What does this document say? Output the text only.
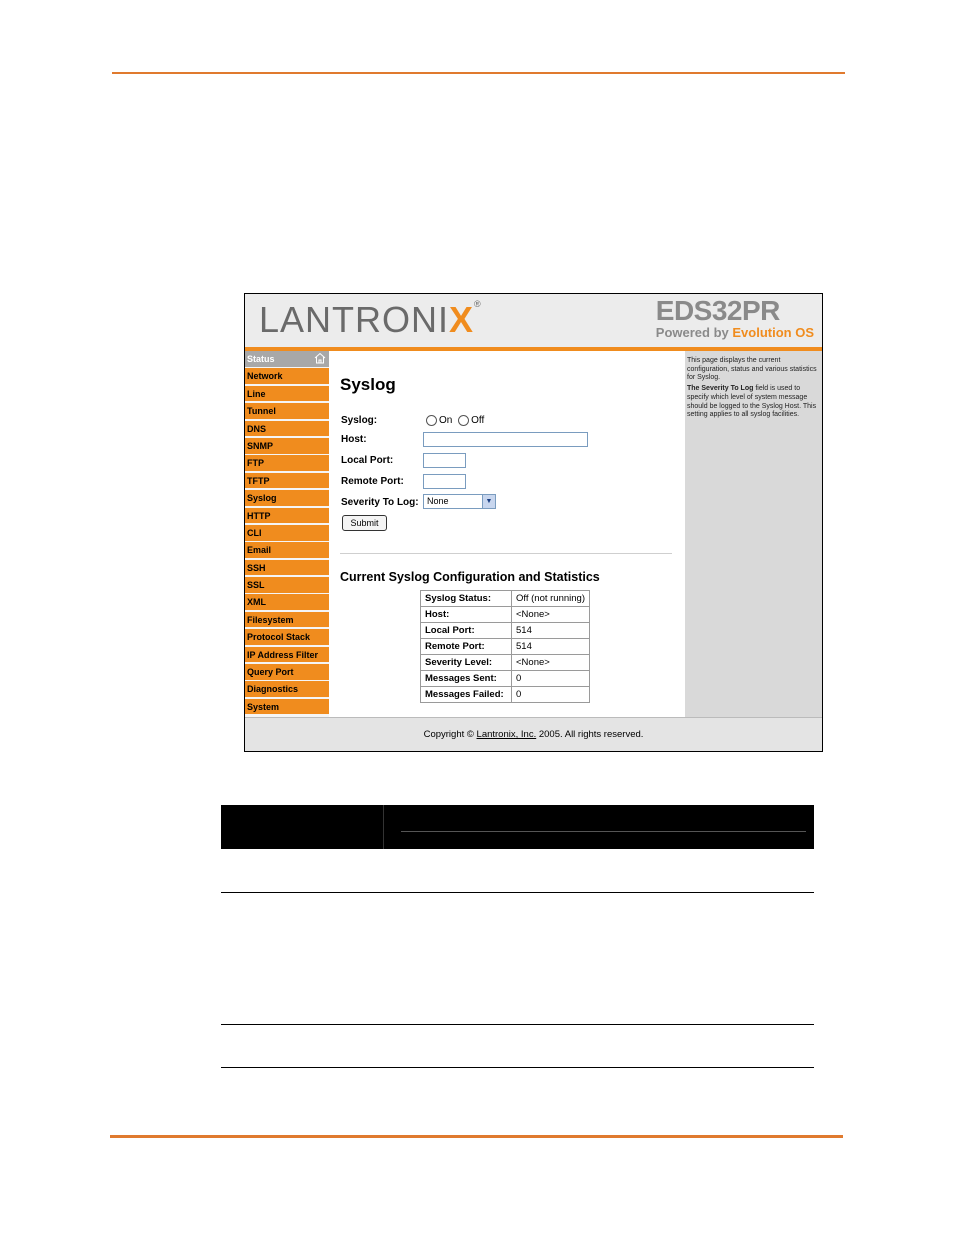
LANTRONIX®	EDS32PR
Powered by Evolution OS
Status
Network
Line
Tunnel
DNS
SNMP
FTP
TFTP
Syslog
HTTP
CLI
Email
SSH
SSL
XML
Filesystem
Protocol Stack
IP Address Filter
Query Port
Diagnostics
System
Syslog
Syslog:	On Off
Host:
Local Port:
Remote Port:
Severity To Log: None	▼
Submit
Current Syslog Configuration and Statistics
Syslog Status:	Off (not running)
Host:	<None>
Local Port:	514
Remote Port:	514
Severity Level:	<None>
Messages Sent:	0
Messages Failed:	0

This page displays the current configuration, status and various statistics for Syslog.

The Severity To Log field is used to specify which level of system message should be logged to the Syslog Host. This setting applies to all syslog facilities.

Copyright © Lantronix, Inc. 2005. All rights reserved.
